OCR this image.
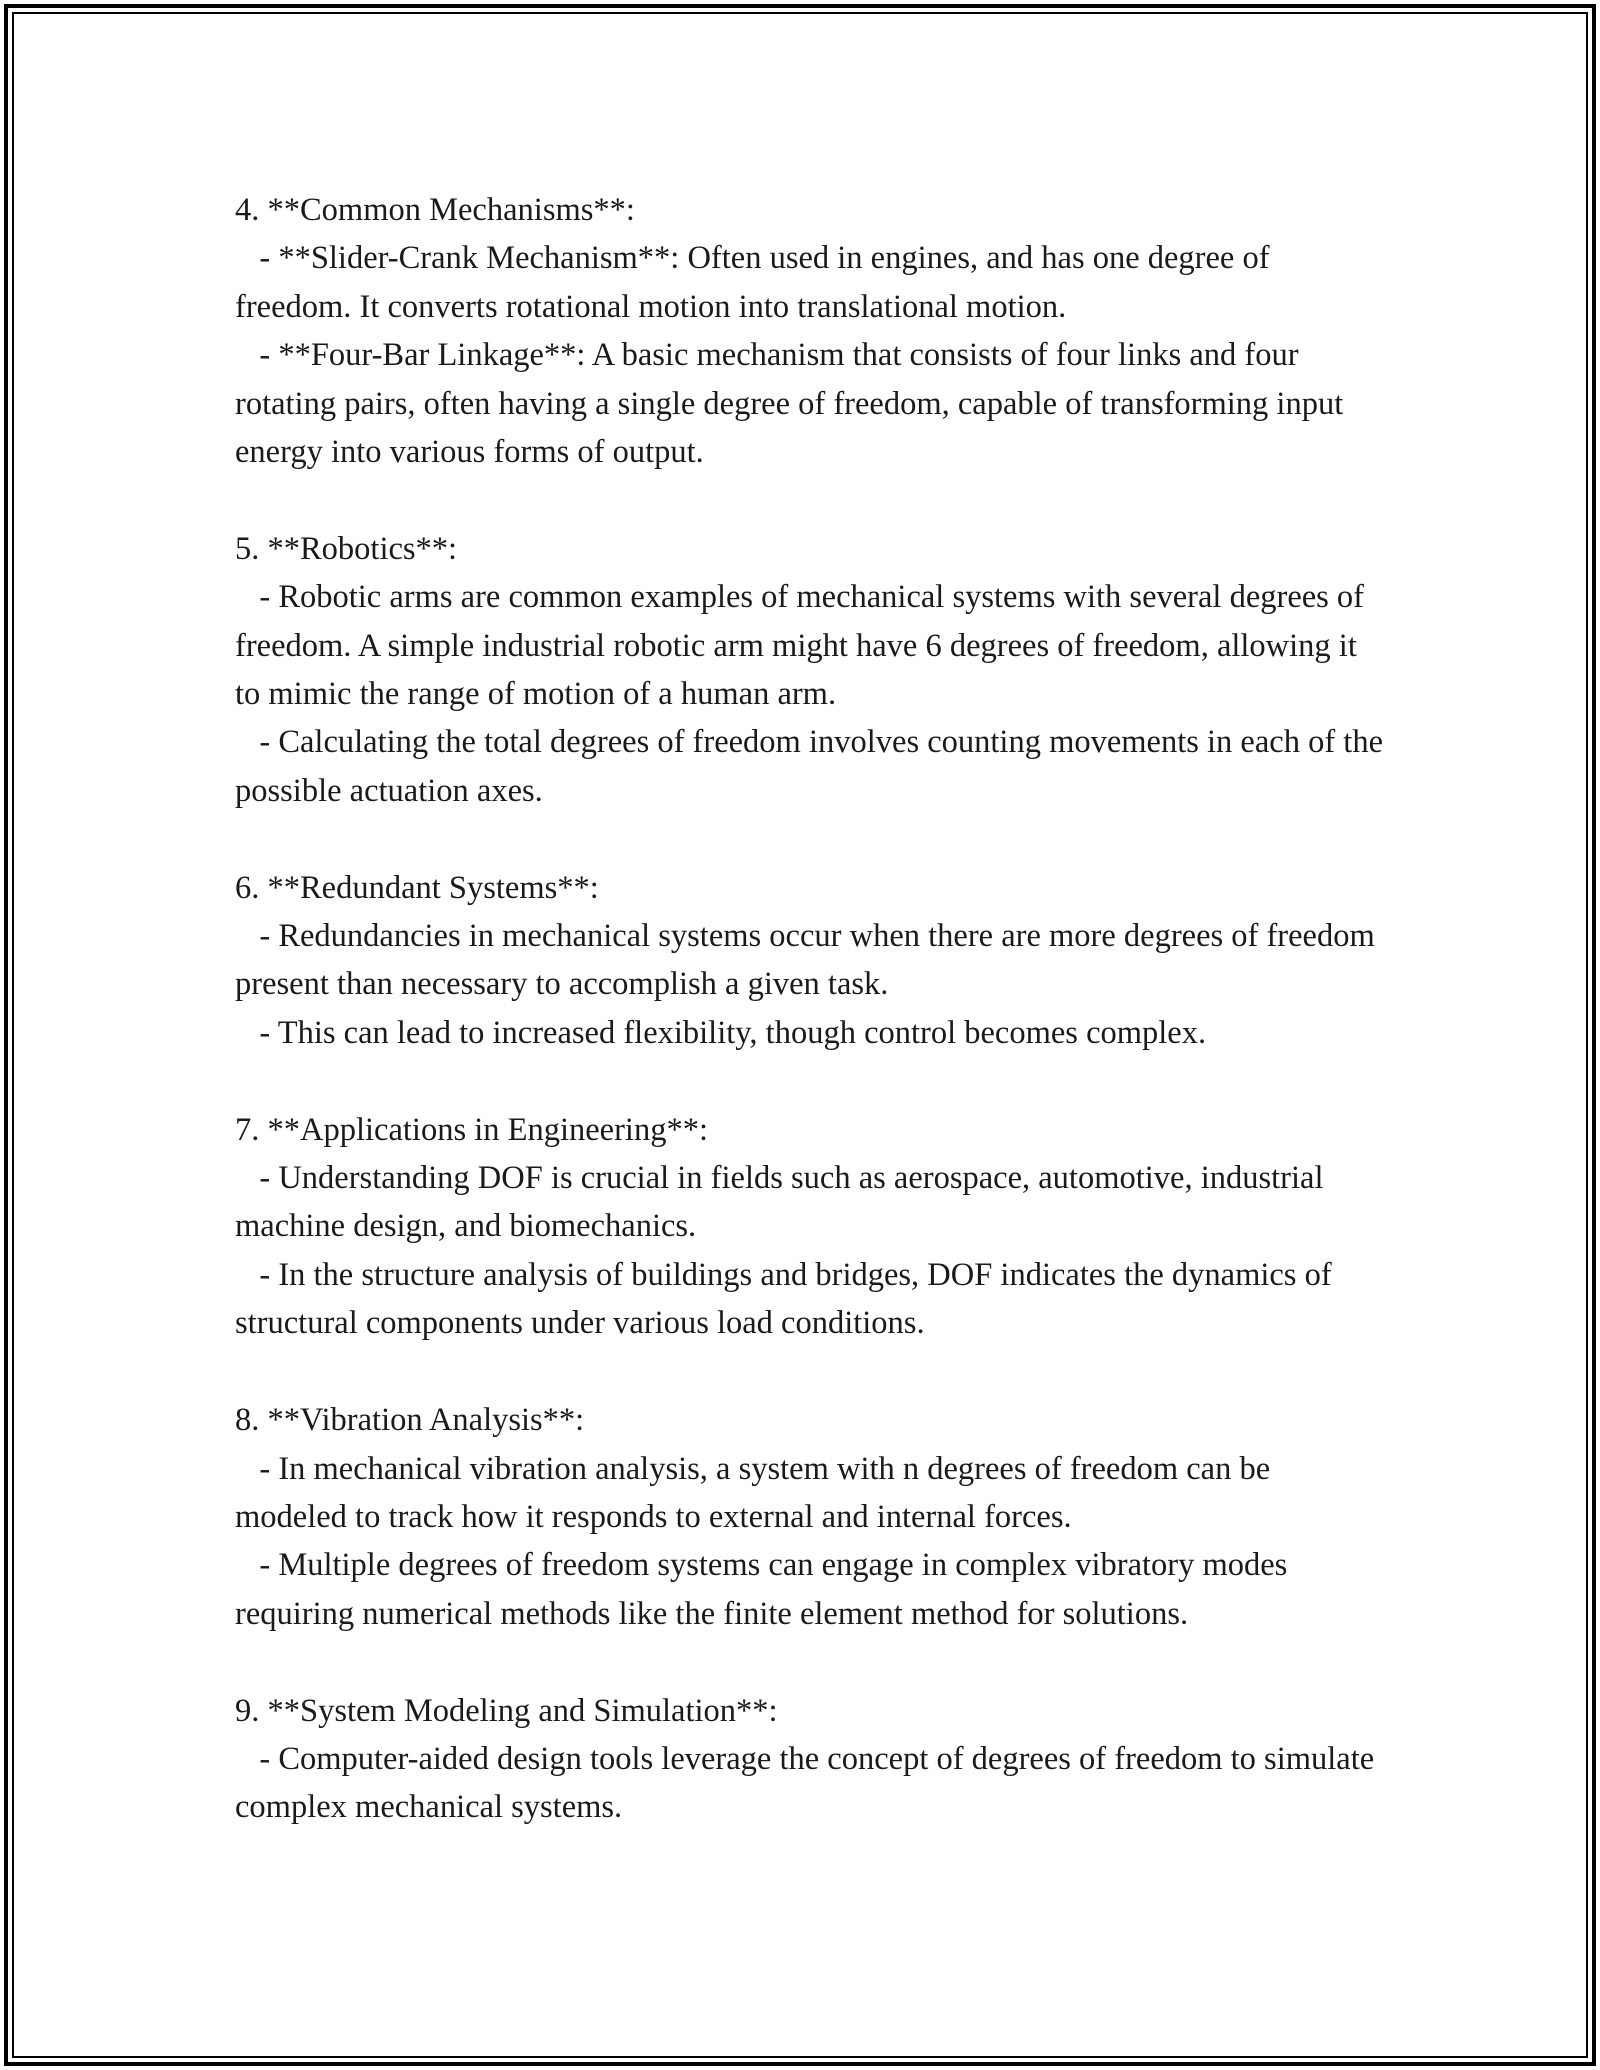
4. **Common Mechanisms**:

- **Slider-Crank Mechanism**: Often used in engines, and has one degree of freedom. It converts rotational motion into translational motion.

- **Four-Bar Linkage**: A basic mechanism that consists of four links and four rotating pairs, often having a single degree of freedom, capable of transforming input energy into various forms of output.

5. **Robotics**:

- Robotic arms are common examples of mechanical systems with several degrees of freedom. A simple industrial robotic arm might have 6 degrees of freedom, allowing it to mimic the range of motion of a human arm.

- Calculating the total degrees of freedom involves counting movements in each of the possible actuation axes.

6. **Redundant Systems**:

- Redundancies in mechanical systems occur when there are more degrees of freedom present than necessary to accomplish a given task.

- This can lead to increased flexibility, though control becomes complex.

7. **Applications in Engineering**:

- Understanding DOF is crucial in fields such as aerospace, automotive, industrial machine design, and biomechanics.

- In the structure analysis of buildings and bridges, DOF indicates the dynamics of structural components under various load conditions.

8. **Vibration Analysis**:

- In mechanical vibration analysis, a system with n degrees of freedom can be modeled to track how it responds to external and internal forces.

- Multiple degrees of freedom systems can engage in complex vibratory modes requiring numerical methods like the finite element method for solutions.

9. **System Modeling and Simulation**:

- Computer-aided design tools leverage the concept of degrees of freedom to simulate complex mechanical systems.
